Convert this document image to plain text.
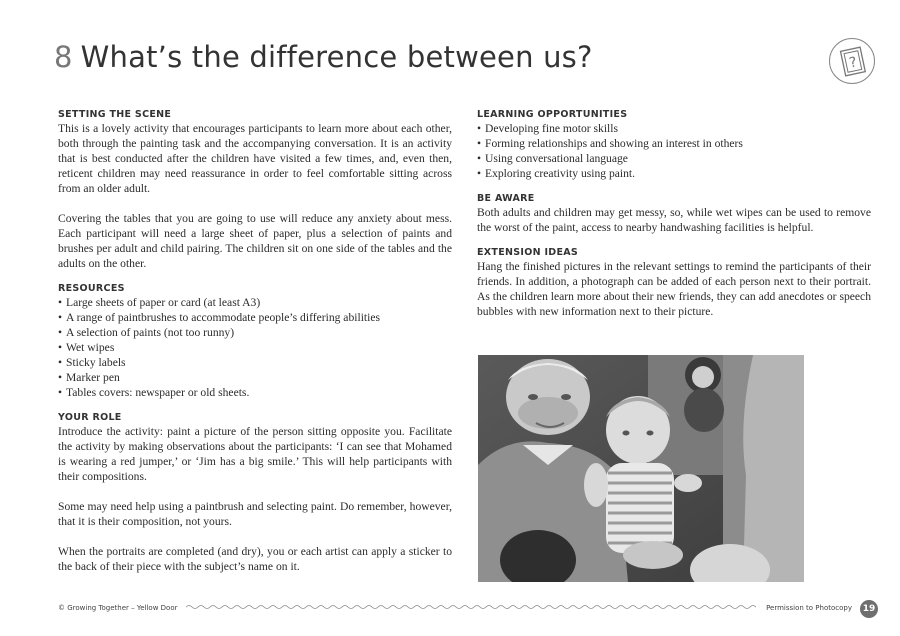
8 What’s the difference between us?	?
SETTING THE SCENE

This is a lovely activity that encourages participants to learn more about each other, both through the painting task and the accompanying conversation. It is an activity that is best conducted after the children have visited a few times, and, even then, reticent children may need reassurance in order to feel comfortable sitting across from an older adult.

Covering the tables that you are going to use will reduce any anxiety about mess. Each participant will need a large sheet of paper, plus a selection of paints and brushes per adult and child pairing. The children sit on one side of the tables and the adults on the other.

RESOURCES
• Large sheets of paper or card (at least A3)
• A range of paintbrushes to accommodate people’s differing abilities
• A selection of paints (not too runny)
• Wet wipes
• Sticky labels
• Marker pen
• Tables covers: newspaper or old sheets.
YOUR ROLE

Introduce the activity: paint a picture of the person sitting opposite you. Facilitate the activity by making observations about the participants: ‘I can see that Mohamed is wearing a red jumper,’ or ‘Jim has a big smile.’ This will help participants with their compositions.

Some may need help using a paintbrush and selecting paint. Do remember, however, that it is their composition, not yours.

When the portraits are completed (and dry), you or each artist can apply a sticker to the back of their piece with the subject’s name on it.

LEARNING OPPORTUNITIES
• Developing fine motor skills
• Forming relationships and showing an interest in others
• Using conversational language
• Exploring creativity using paint.
BE AWARE

Both adults and children may get messy, so, while wet wipes can be used to remove the worst of the paint, access to nearby handwashing facilities is helpful.

EXTENSION IDEAS

Hang the finished pictures in the relevant settings to remind the participants of their friends. In addition, a photograph can be added of each person next to their portrait. As the children learn more about their new friends, they can add anecdotes or speech bubbles with new information next to their picture.

© Growing Together – Yellow Door	Permission to Photocopy	19
